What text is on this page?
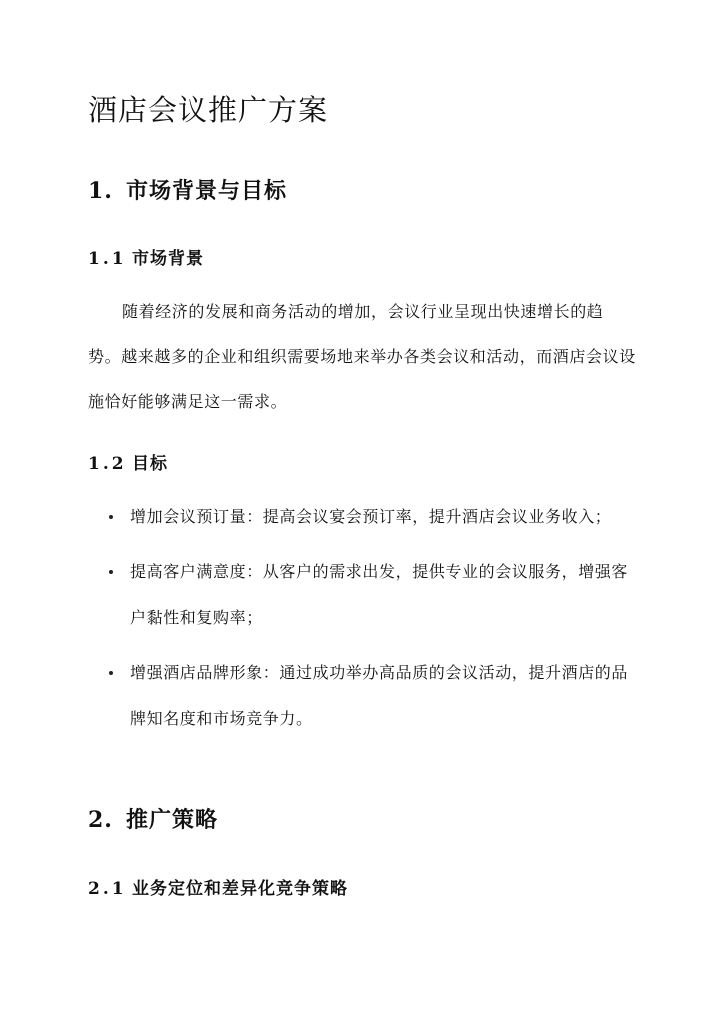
酒店会议推广方案
1. 市场背景与目标
1.1 市场背景

随着经济的发展和商务活动的增加，会议行业呈现出快速增长的趋势。越来越多的企业和组织需要场地来举办各类会议和活动，而酒店会议设施恰好能够满足这一需求。

1.2 目标
增加会议预订量：提高会议宴会预订率，提升酒店会议业务收入；
提高客户满意度：从客户的需求出发，提供专业的会议服务，增强客户黏性和复购率；
增强酒店品牌形象：通过成功举办高品质的会议活动，提升酒店的品牌知名度和市场竞争力。
2. 推广策略
2.1 业务定位和差异化竞争策略
